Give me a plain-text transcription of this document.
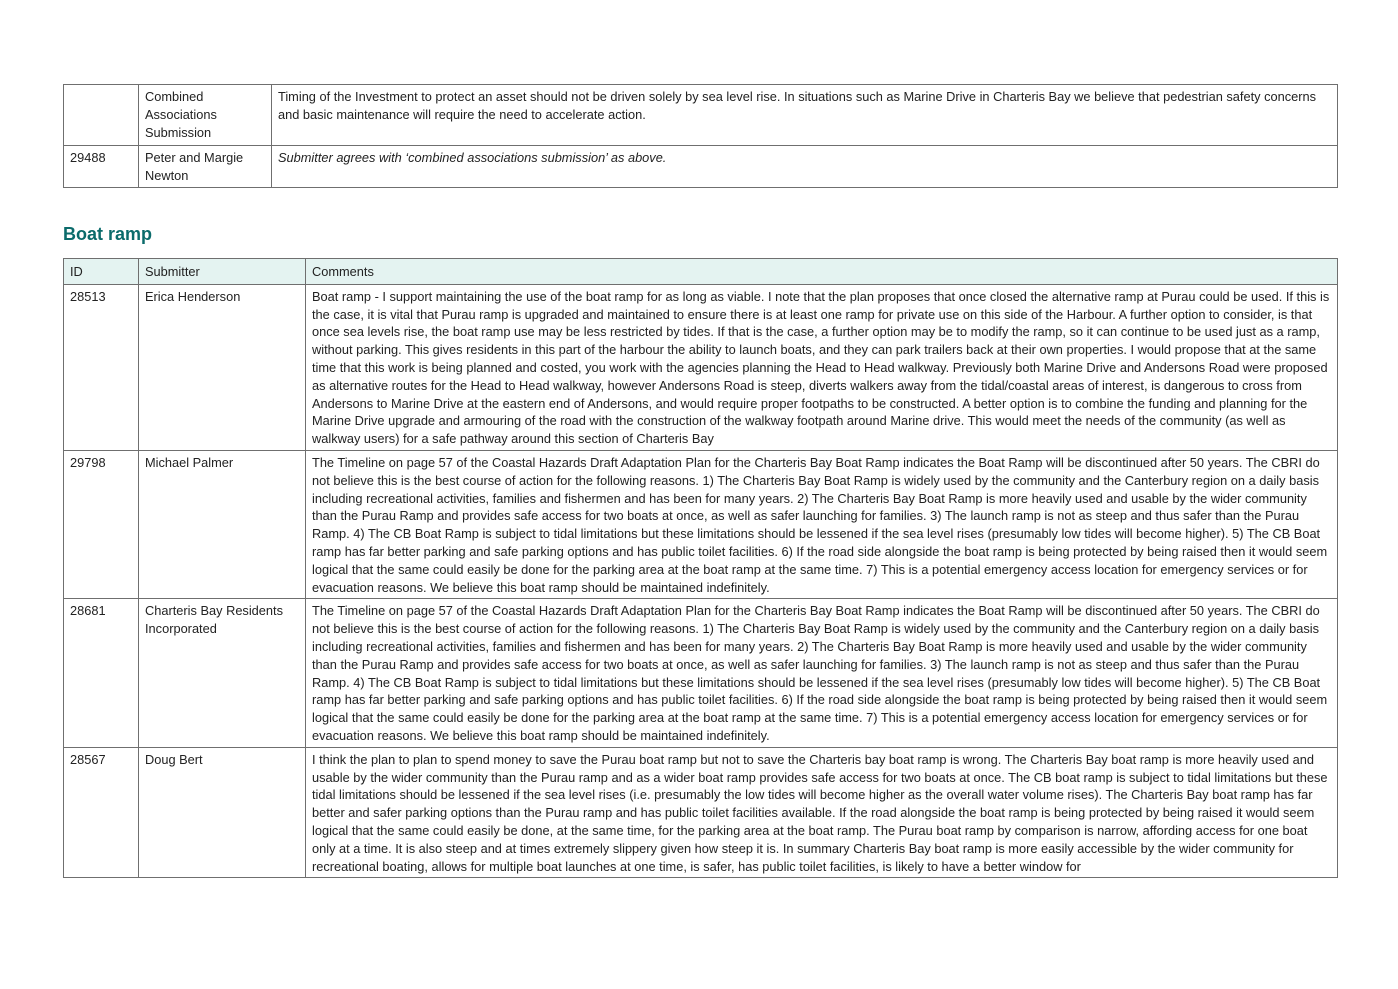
	Combined Associations Submission	Timing of the Investment to protect an asset should not be driven solely by sea level rise. In situations such as Marine Drive in Charteris Bay we believe that pedestrian safety concerns and basic maintenance will require the need to accelerate action.
29488	Peter and Margie Newton	Submitter agrees with ‘combined associations submission’ as above.
Boat ramp
ID	Submitter	Comments
28513	Erica Henderson	Boat ramp - I support maintaining the use of the boat ramp for as long as viable. I note that the plan proposes that once closed the alternative ramp at Purau could be used. If this is the case, it is vital that Purau ramp is upgraded and maintained to ensure there is at least one ramp for private use on this side of the Harbour. A further option to consider, is that once sea levels rise, the boat ramp use may be less restricted by tides. If that is the case, a further option may be to modify the ramp, so it can continue to be used just as a ramp, without parking. This gives residents in this part of the harbour the ability to launch boats, and they can park trailers back at their own properties. I would propose that at the same time that this work is being planned and costed, you work with the agencies planning the Head to Head walkway. Previously both Marine Drive and Andersons Road were proposed as alternative routes for the Head to Head walkway, however Andersons Road is steep, diverts walkers away from the tidal/coastal areas of interest, is dangerous to cross from Andersons to Marine Drive at the eastern end of Andersons, and would require proper footpaths to be constructed. A better option is to combine the funding and planning for the Marine Drive upgrade and armouring of the road with the construction of the walkway footpath around Marine drive. This would meet the needs of the community (as well as walkway users) for a safe pathway around this section of Charteris Bay
29798	Michael Palmer	The Timeline on page 57 of the Coastal Hazards Draft Adaptation Plan for the Charteris Bay Boat Ramp indicates the Boat Ramp will be discontinued after 50 years. The CBRI do not believe this is the best course of action for the following reasons. 1) The Charteris Bay Boat Ramp is widely used by the community and the Canterbury region on a daily basis including recreational activities, families and fishermen and has been for many years. 2) The Charteris Bay Boat Ramp is more heavily used and usable by the wider community than the Purau Ramp and provides safe access for two boats at once, as well as safer launching for families. 3) The launch ramp is not as steep and thus safer than the Purau Ramp. 4) The CB Boat Ramp is subject to tidal limitations but these limitations should be lessened if the sea level rises (presumably low tides will become higher). 5) The CB Boat ramp has far better parking and safe parking options and has public toilet facilities. 6) If the road side alongside the boat ramp is being protected by being raised then it would seem logical that the same could easily be done for the parking area at the boat ramp at the same time. 7) This is a potential emergency access location for emergency services or for evacuation reasons. We believe this boat ramp should be maintained indefinitely.
28681	Charteris Bay Residents Incorporated	The Timeline on page 57 of the Coastal Hazards Draft Adaptation Plan for the Charteris Bay Boat Ramp indicates the Boat Ramp will be discontinued after 50 years. The CBRI do not believe this is the best course of action for the following reasons. 1) The Charteris Bay Boat Ramp is widely used by the community and the Canterbury region on a daily basis including recreational activities, families and fishermen and has been for many years. 2) The Charteris Bay Boat Ramp is more heavily used and usable by the wider community than the Purau Ramp and provides safe access for two boats at once, as well as safer launching for families. 3) The launch ramp is not as steep and thus safer than the Purau Ramp. 4) The CB Boat Ramp is subject to tidal limitations but these limitations should be lessened if the sea level rises (presumably low tides will become higher). 5) The CB Boat ramp has far better parking and safe parking options and has public toilet facilities. 6) If the road side alongside the boat ramp is being protected by being raised then it would seem logical that the same could easily be done for the parking area at the boat ramp at the same time. 7) This is a potential emergency access location for emergency services or for evacuation reasons. We believe this boat ramp should be maintained indefinitely.
28567	Doug Bert	I think the plan to plan to spend money to save the Purau boat ramp but not to save the Charteris bay boat ramp is wrong. The Charteris Bay boat ramp is more heavily used and usable by the wider community than the Purau ramp and as a wider boat ramp provides safe access for two boats at once. The CB boat ramp is subject to tidal limitations but these tidal limitations should be lessened if the sea level rises (i.e. presumably the low tides will become higher as the overall water volume rises). The Charteris Bay boat ramp has far better and safer parking options than the Purau ramp and has public toilet facilities available. If the road alongside the boat ramp is being protected by being raised it would seem logical that the same could easily be done, at the same time, for the parking area at the boat ramp. The Purau boat ramp by comparison is narrow, affording access for one boat only at a time. It is also steep and at times extremely slippery given how steep it is. In summary Charteris Bay boat ramp is more easily accessible by the wider community for recreational boating, allows for multiple boat launches at one time, is safer, has public toilet facilities, is likely to have a better window for
